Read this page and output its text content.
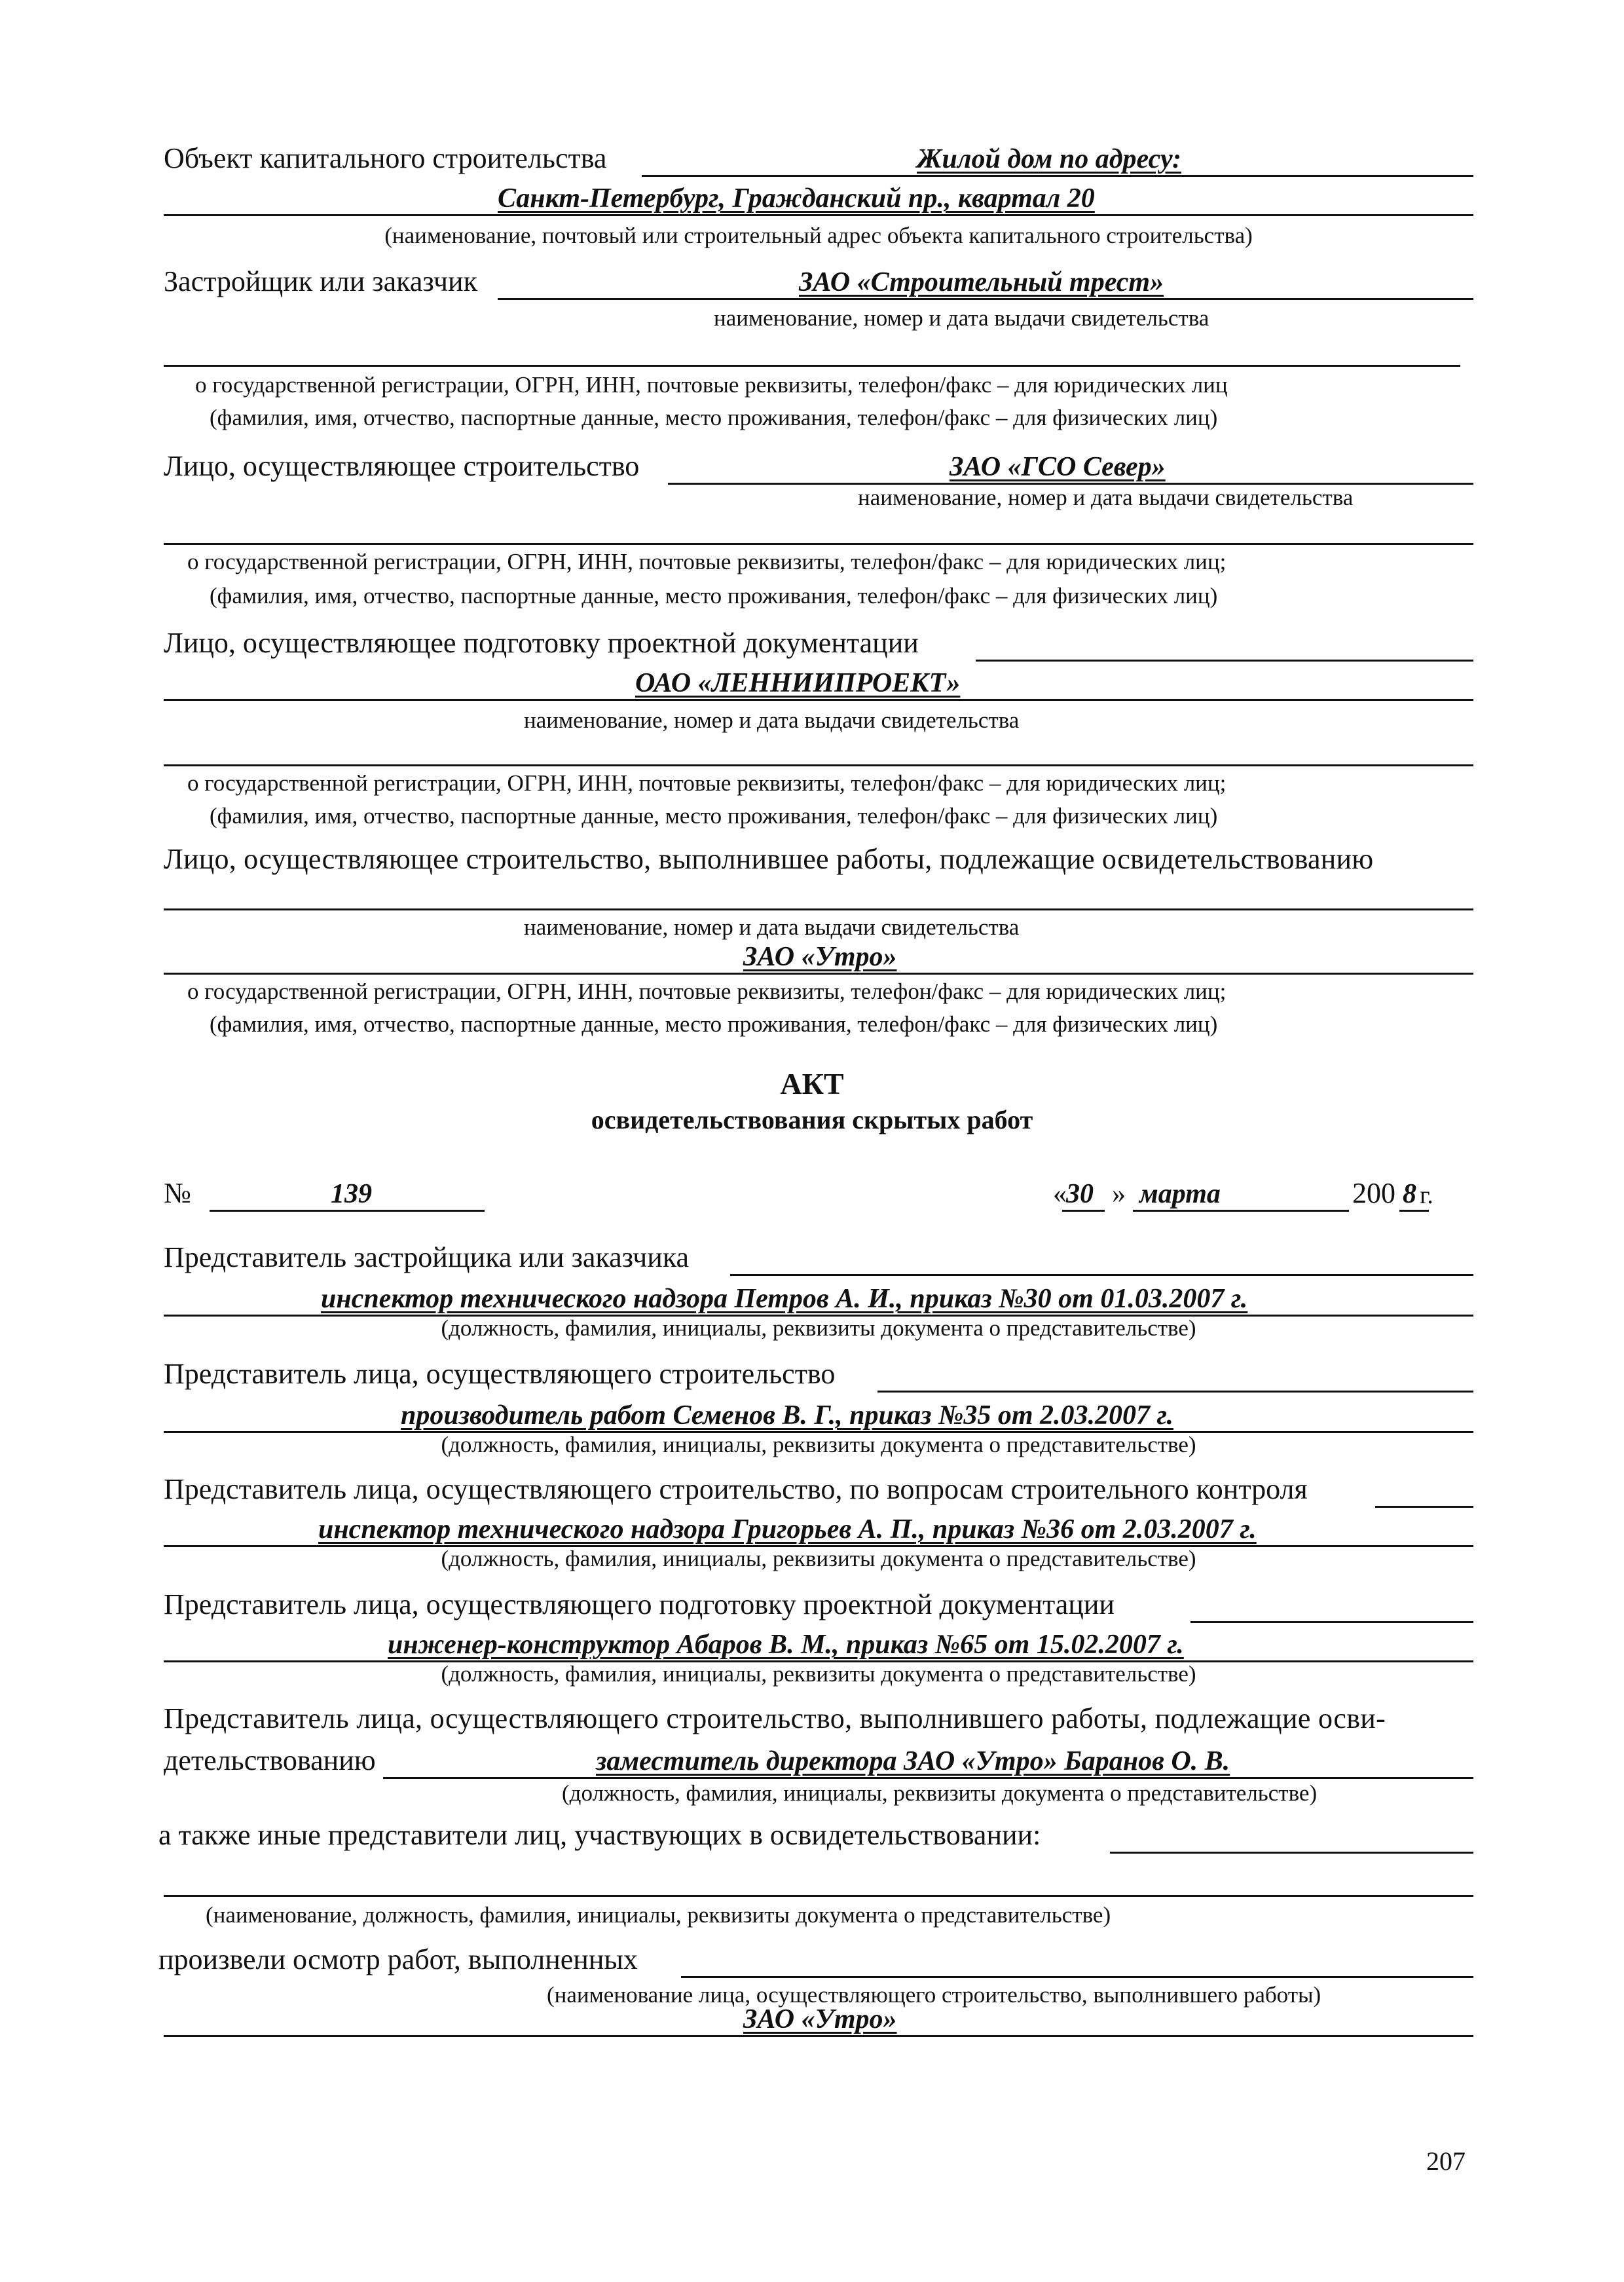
Объект капитального строительства	Жилой дом по адресу:
Санкт-Петербург, Гражданский пр., квартал 20
(наименование, почтовый или строительный адрес объекта капитального строительства)
Застройщик или заказчик	ЗАО «Строительный трест»
наименование, номер и дата выдачи свидетельства
о государственной регистрации, ОГРН, ИНН, почтовые реквизиты, телефон/факс – для юридических лиц
(фамилия, имя, отчество, паспортные данные, место проживания, телефон/факс – для физических лиц)
Лицо, осуществляющее строительство	ЗАО «ГСО Север»
наименование, номер и дата выдачи свидетельства
о государственной регистрации, ОГРН, ИНН, почтовые реквизиты, телефон/факс – для юридических лиц;
(фамилия, имя, отчество, паспортные данные, место проживания, телефон/факс – для физических лиц)
Лицо, осуществляющее подготовку проектной документации
ОАО «ЛЕННИИПРОЕКТ»
наименование, номер и дата выдачи свидетельства
о государственной регистрации, ОГРН, ИНН, почтовые реквизиты, телефон/факс – для юридических лиц;
(фамилия, имя, отчество, паспортные данные, место проживания, телефон/факс – для физических лиц)
Лицо, осуществляющее строительство, выполнившее работы, подлежащие освидетельствованию
наименование, номер и дата выдачи свидетельства
ЗАО «Утро»
о государственной регистрации, ОГРН, ИНН, почтовые реквизиты, телефон/факс – для юридических лиц;
(фамилия, имя, отчество, паспортные данные, место проживания, телефон/факс – для физических лиц)
АКТ
освидетельствования скрытых работ
№	139	« 30 » марта	200 8 г.
Представитель застройщика или заказчика
инспектор технического надзора Петров А. И., приказ №30 от 01.03.2007 г.
(должность, фамилия, инициалы, реквизиты документа о представительстве)
Представитель лица, осуществляющего строительство
производитель работ Семенов В. Г., приказ №35 от 2.03.2007 г.
(должность, фамилия, инициалы, реквизиты документа о представительстве)
Представитель лица, осуществляющего строительство, по вопросам строительного контроля
инспектор технического надзора Григорьев А. П., приказ №36 от 2.03.2007 г.
(должность, фамилия, инициалы, реквизиты документа о представительстве)
Представитель лица, осуществляющего подготовку проектной документации
инженер-конструктор Абаров В. М., приказ №65 от 15.02.2007 г.
(должность, фамилия, инициалы, реквизиты документа о представительстве)
Представитель лица, осуществляющего строительство, выполнившего работы, подлежащие осви-
детельствованию	заместитель директора ЗАО «Утро» Баранов О. В.
(должность, фамилия, инициалы, реквизиты документа о представительстве)
а также иные представители лиц, участвующих в освидетельствовании:
(наименование, должность, фамилия, инициалы, реквизиты документа о представительстве)
произвели осмотр работ, выполненных
(наименование лица, осуществляющего строительство, выполнившего работы)
ЗАО «Утро»
207
